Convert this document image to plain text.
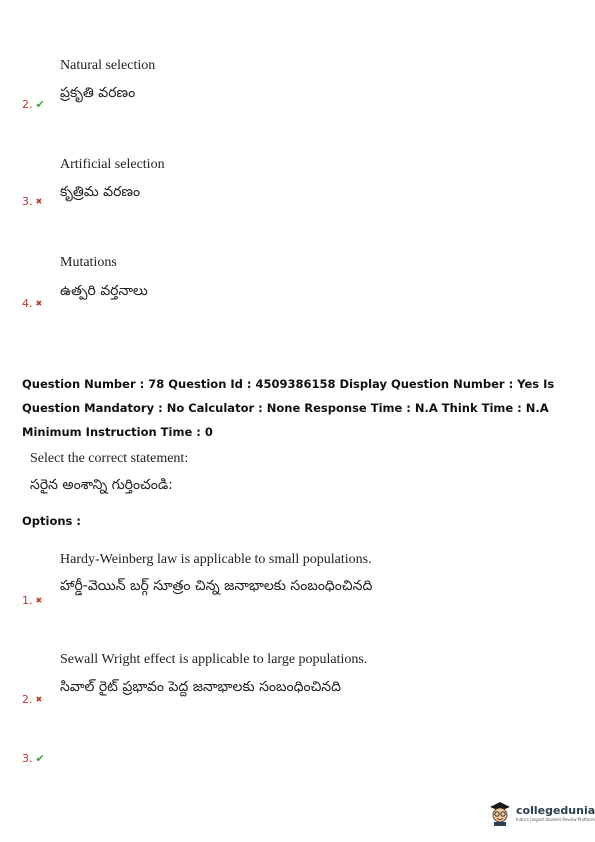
Natural selection
ప్రకృతి వరణం
2. ✔
Artificial selection
కృత్రిమ వరణం
3. ✖
Mutations
ఉత్పరి వర్తనాలు
4. ✖
Question Number : 78 Question Id : 4509386158 Display Question Number : Yes Is Question Mandatory : No Calculator : None Response Time : N.A Think Time : N.A Minimum Instruction Time : 0
Select the correct statement:
సరైన అంశాన్ని గుర్తించండి:
Options :
Hardy-Weinberg law is applicable to small populations.
హార్డీ-వెయిన్ బర్గ్ సూత్రం చిన్న జనాభాలకు సంబంధించినది
1. ✖
Sewall Wright effect is applicable to large populations.
సివాల్ రైట్ ప్రభావం పెద్ద జనాభాలకు సంబంధించినది
2. ✖
3. ✔
collegedunia
India's largest Student Review Platform
